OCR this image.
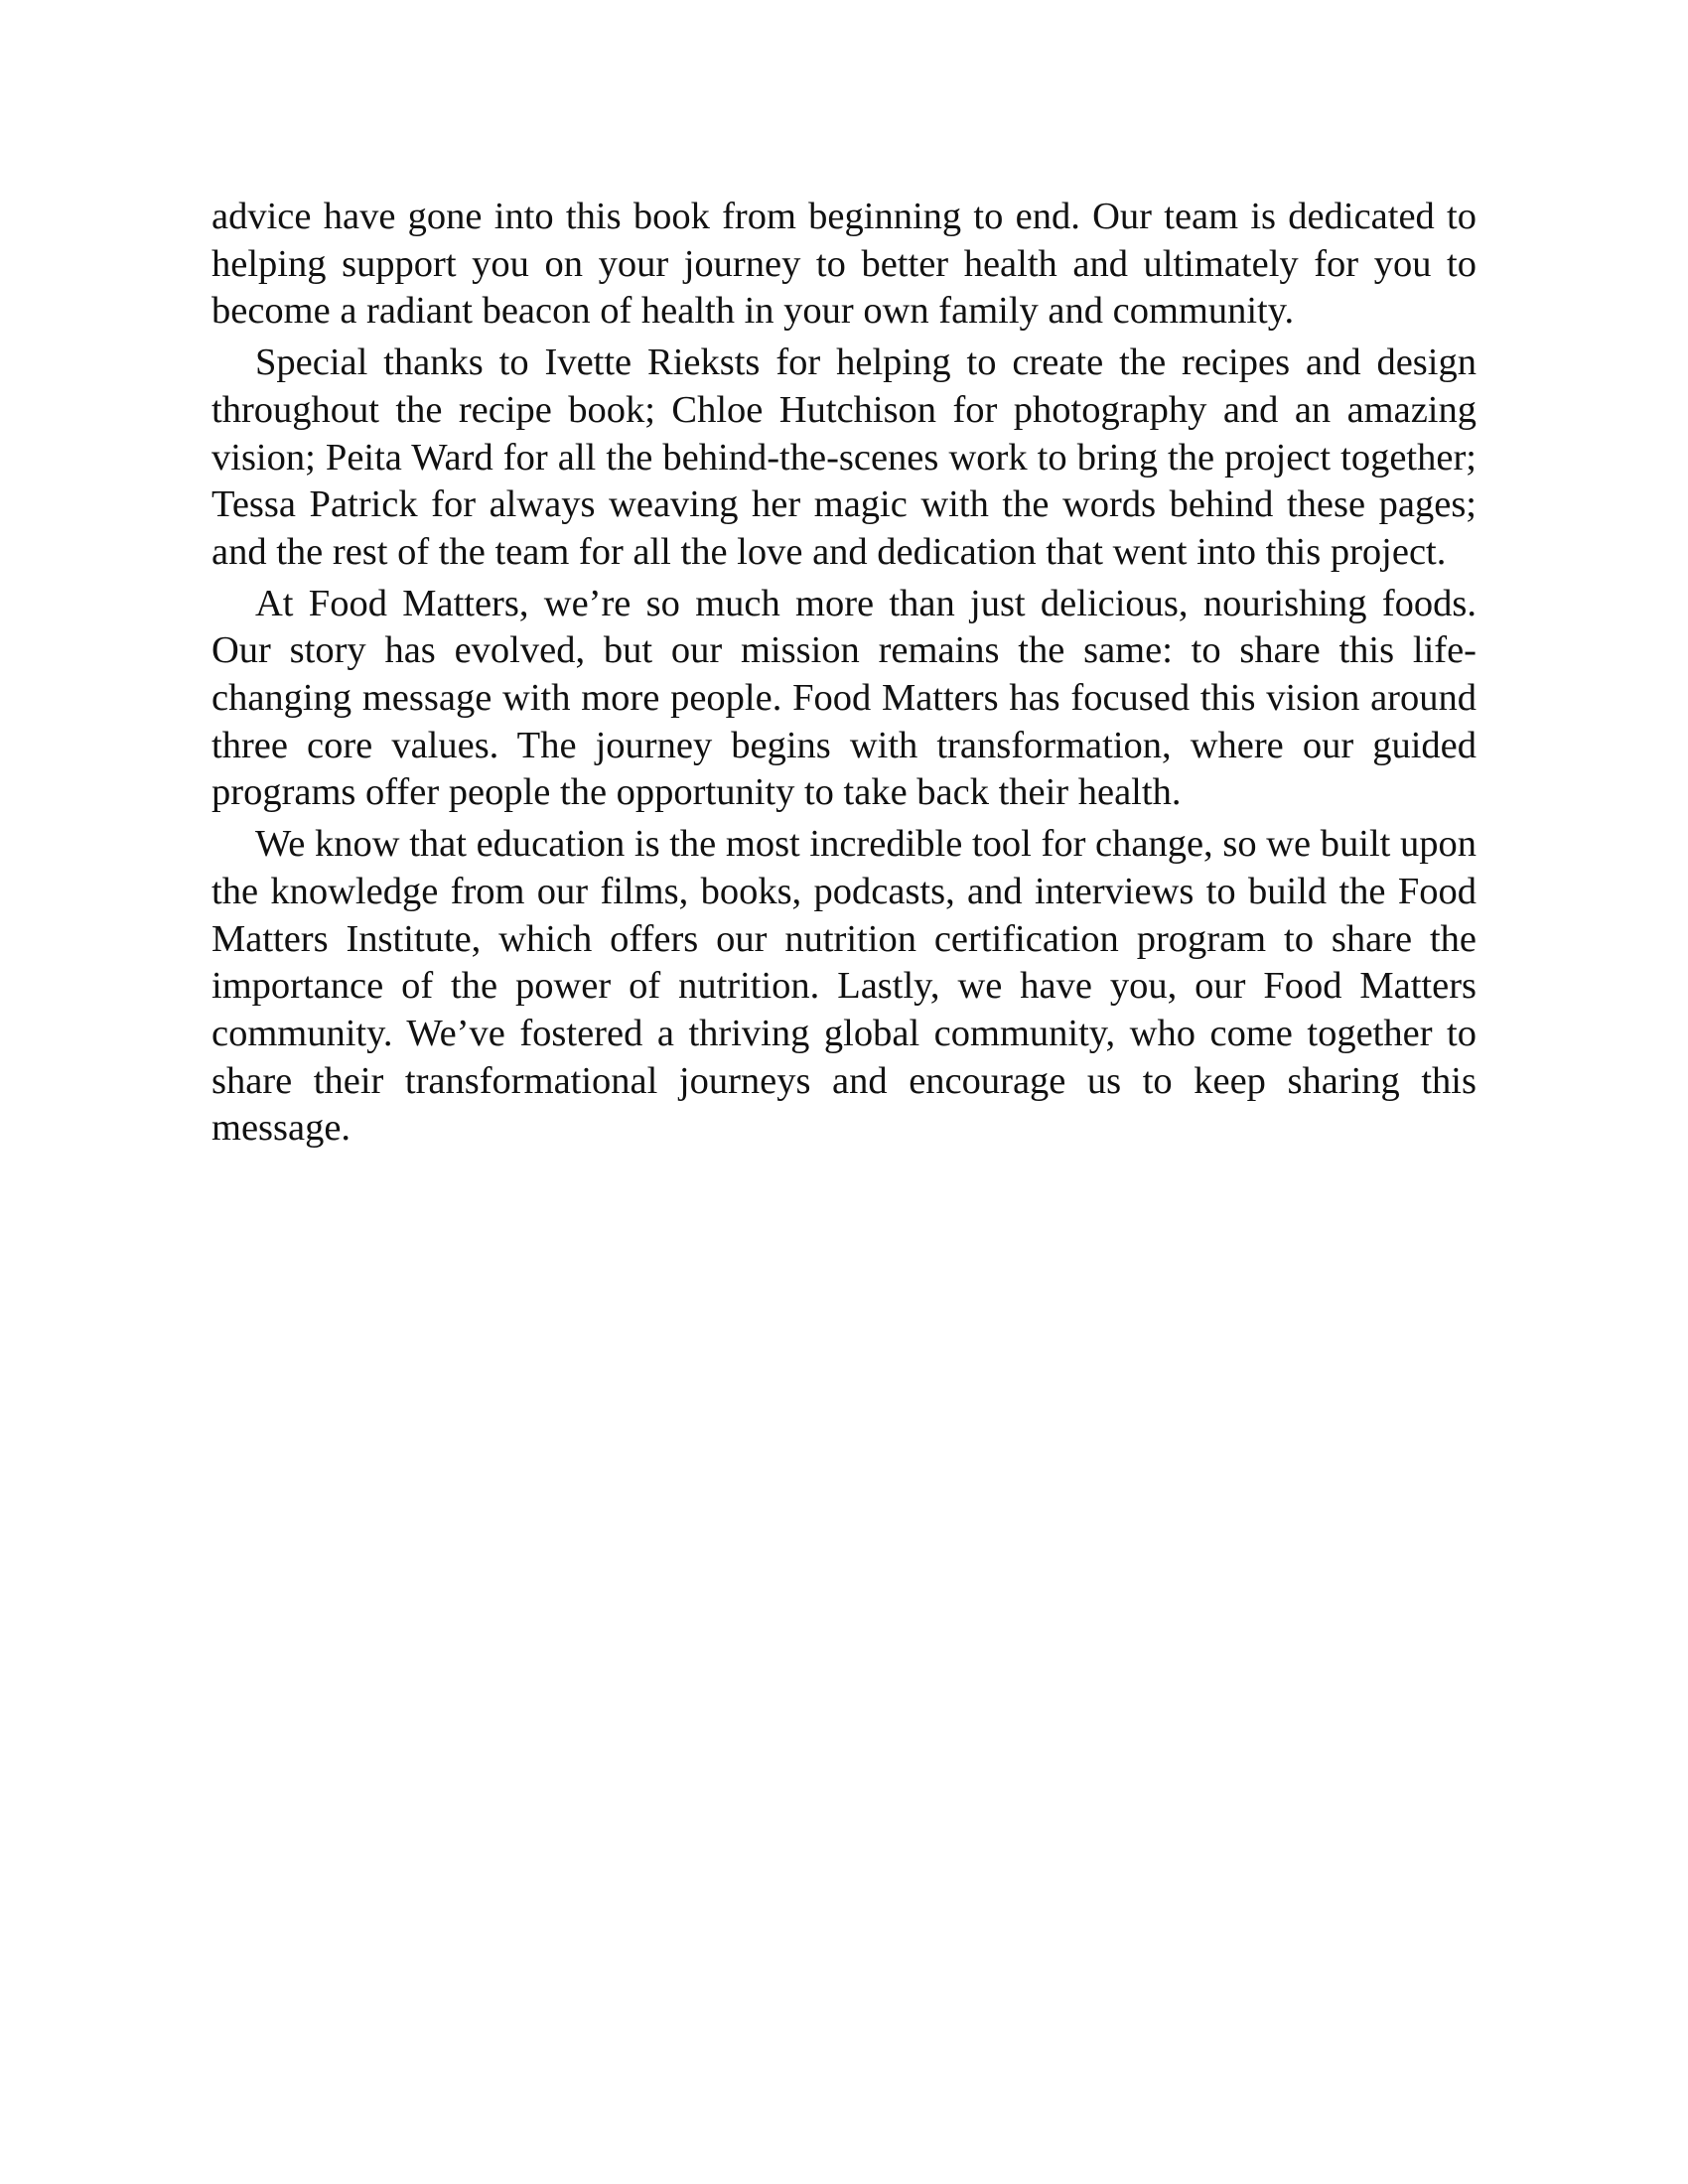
advice have gone into this book from beginning to end. Our team is dedicated to helping support you on your journey to better health and ultimately for you to become a radiant beacon of health in your own family and community.

Special thanks to Ivette Rieksts for helping to create the recipes and design throughout the recipe book; Chloe Hutchison for photography and an amazing vision; Peita Ward for all the behind-the-scenes work to bring the project together; Tessa Patrick for always weaving her magic with the words behind these pages; and the rest of the team for all the love and dedication that went into this project.

At Food Matters, we’re so much more than just delicious, nourishing foods. Our story has evolved, but our mission remains the same: to share this life-changing message with more people. Food Matters has focused this vision around three core values. The journey begins with transformation, where our guided programs offer people the opportunity to take back their health.

We know that education is the most incredible tool for change, so we built upon the knowledge from our films, books, podcasts, and interviews to build the Food Matters Institute, which offers our nutrition certification program to share the importance of the power of nutrition. Lastly, we have you, our Food Matters community. We’ve fostered a thriving global community, who come together to share their transformational journeys and encourage us to keep sharing this message.
